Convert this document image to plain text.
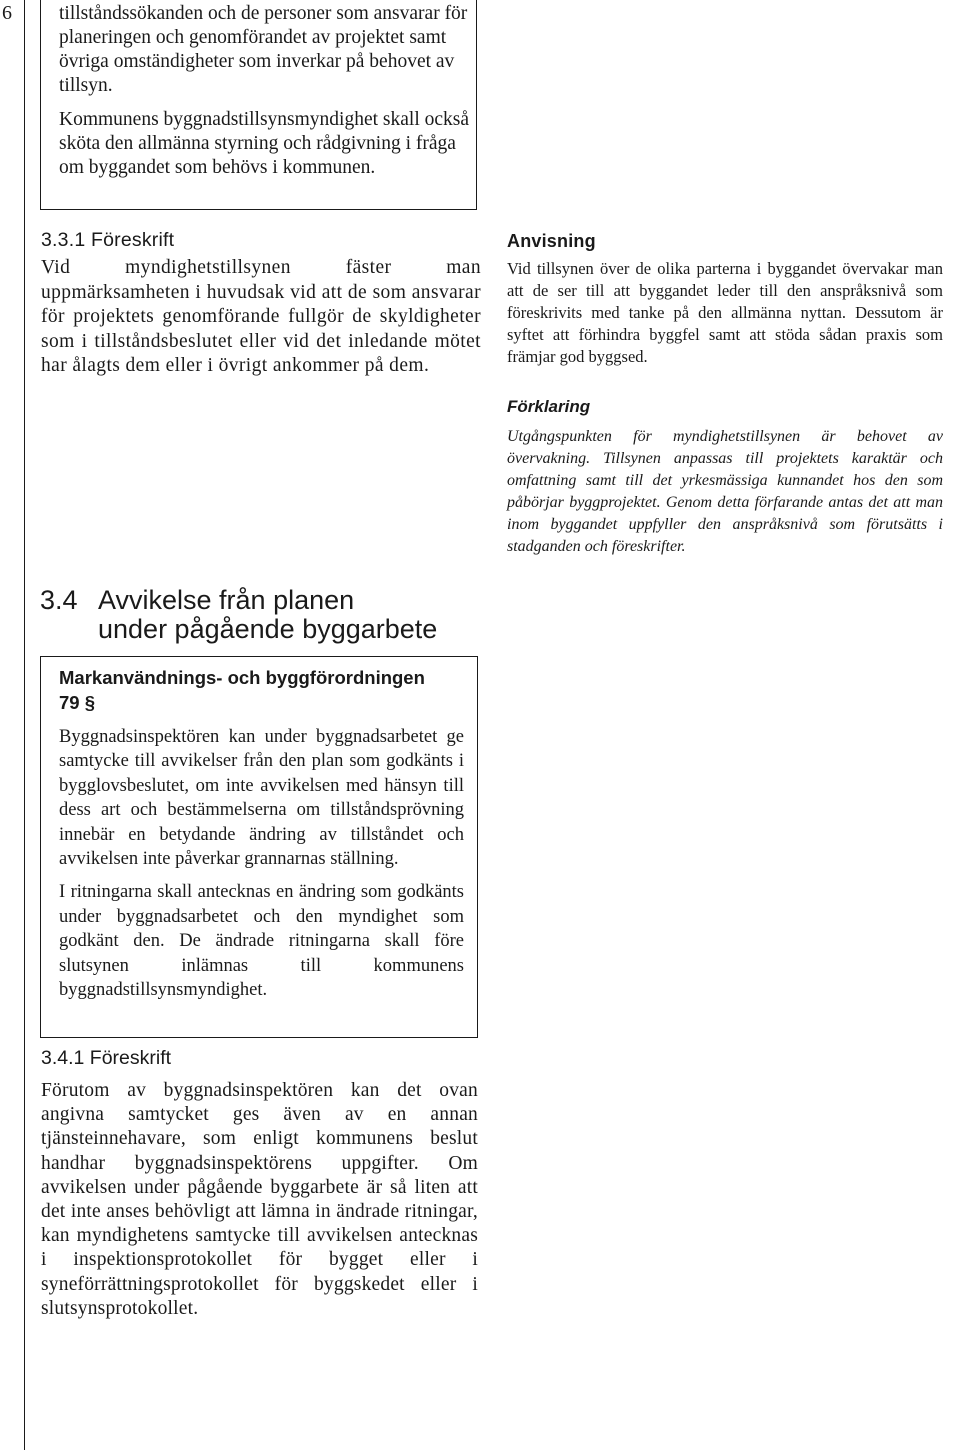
6 tillståndssökanden och de personer som ansvarar för planeringen och genomförandet av projektet samt övriga omständigheter som inverkar på behovet av tillsyn.

Kommunens byggnadstillsynsmyndighet skall också sköta den allmänna styrning och rådgivning i fråga om byggandet som behövs i kommunen.

3.3.1 Föreskrift

Vid myndighetstillsynen fäster man uppmärksamheten i huvudsak vid att de som ansvarar för projektets genomförande fullgör de skyldigheter som i tillståndsbeslutet eller vid det inledande mötet har ålagts dem eller i övrigt ankommer på dem.

Anvisning

Vid tillsynen över de olika parterna i byggandet övervakar man att de ser till att byggandet leder till den anspråksnivå som föreskrivits med tanke på den allmänna nyttan. Dessutom är syftet att förhindra byggfel samt att stöda sådan praxis som främjar god byggsed.

Förklaring

Utgångspunkten för myndighetstillsynen är behovet av övervakning. Tillsynen anpassas till projektets karaktär och omfattning samt till det yrkesmässiga kunnandet hos den som påbörjar byggprojektet. Genom detta förfarande antas det att man inom byggandet uppfyller den anspråksnivå som förutsätts i stadganden och föreskrifter.

3.4 Avvikelse från planen
under pågående byggarbete
Markanvändnings- och byggförordningen
79 §

Byggnadsinspektören kan under byggnadsarbetet ge samtycke till avvikelser från den plan som godkänts i bygglovsbeslutet, om inte avvikelsen med hänsyn till dess art och bestämmelserna om tillståndsprövning innebär en betydande ändring av tillståndet och avvikelsen inte påverkar grannarnas ställning.

I ritningarna skall antecknas en ändring som godkänts under byggnadsarbetet och den myndighet som godkänt den. De ändrade ritningarna skall före slutsynen inlämnas till kommunens byggnadstillsynsmyndighet.

3.4.1 Föreskrift

Förutom av byggnadsinspektören kan det ovan angivna samtycket ges även av en annan tjänsteinnehavare, som enligt kommunens beslut handhar byggnadsinspektörens uppgifter. Om avvikelsen under pågående byggarbete är så liten att det inte anses behövligt att lämna in ändrade ritningar, kan myndighetens samtycke till avvikelsen antecknas i inspektionsprotokollet för bygget eller i syneförrättningsprotokollet för byggskedet eller i slutsynsprotokollet.
